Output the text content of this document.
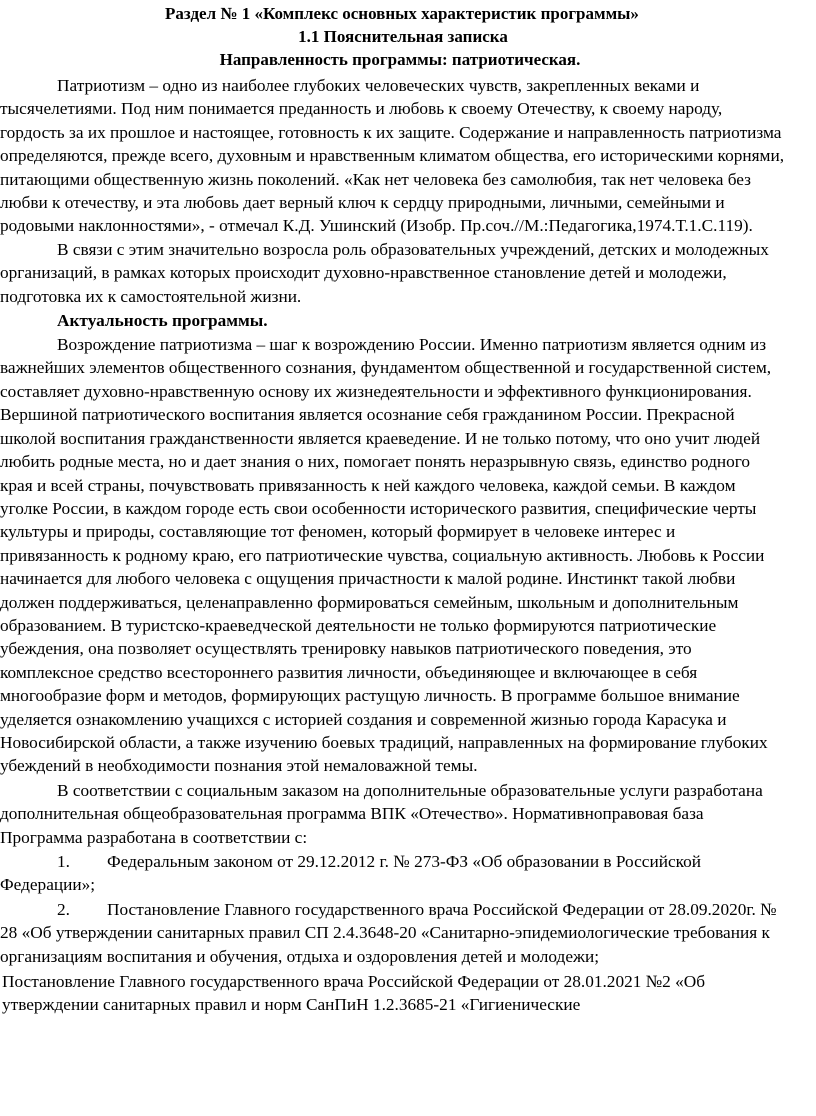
Раздел № 1 «Комплекс основных характеристик программы»

1.1 Пояснительная записка

Направленность программы: патриотическая.

Патриотизм – одно из наиболее глубоких человеческих чувств, закрепленных веками и тысячелетиями. Под ним понимается преданность и любовь к своему Отечеству, к своему народу, гордость за их прошлое и настоящее, готовность к их защите. Содержание и направленность патриотизма определяются, прежде всего, духовным и нравственным климатом общества, его историческими корнями, питающими общественную жизнь поколений. «Как нет человека без самолюбия, так нет человека без любви к отечеству, и эта любовь дает верный ключ к сердцу природными, личными, семейными и родовыми наклонностями», - отмечал К.Д. Ушинский (Изобр. Пр.соч.//М.:Педагогика,1974.Т.1.С.119).

В связи с этим значительно возросла роль образовательных учреждений, детских и молодежных организаций, в рамках которых происходит духовно-нравственное становление детей и молодежи, подготовка их к самостоятельной жизни.

Актуальность программы.

Возрождение патриотизма – шаг к возрождению России. Именно патриотизм является одним из важнейших элементов общественного сознания, фундаментом общественной и государственной систем, составляет духовно-нравственную основу их жизнедеятельности и эффективного функционирования. Вершиной патриотического воспитания является осознание себя гражданином России. Прекрасной школой воспитания гражданственности является краеведение. И не только потому, что оно учит людей любить родные места, но и дает знания о них, помогает понять неразрывную связь, единство родного края и всей страны, почувствовать привязанность к ней каждого человека, каждой семьи. В каждом уголке России, в каждом городе есть свои особенности исторического развития, специфические черты культуры и природы, составляющие тот феномен, который формирует в человеке интерес и привязанность к родному краю, его патриотические чувства, социальную активность. Любовь к России начинается для любого человека с ощущения причастности к малой родине. Инстинкт такой любви должен поддерживаться, целенаправленно формироваться семейным, школьным и дополнительным образованием. В туристско-краеведческой деятельности не только формируются патриотические убеждения, она позволяет осуществлять тренировку навыков патриотического поведения, это комплексное средство всестороннего развития личности, объединяющее и включающее в себя многообразие форм и методов, формирующих растущую личность. В программе большое внимание уделяется ознакомлению учащихся с историей создания и современной жизнью города Карасука и Новосибирской области, а также изучению боевых традиций, направленных на формирование глубоких убеждений в необходимости познания этой немаловажной темы.

В соответствии с социальным заказом на дополнительные образовательные услуги разработана дополнительная общеобразовательная программа ВПК «Отечество». Нормативноправовая база Программа разработана в соответствии с:

1. Федеральным законом от 29.12.2012 г. № 273-ФЗ «Об образовании в Российской Федерации»;

2. Постановление Главного государственного врача Российской Федерации от 28.09.2020г. № 28 «Об утверждении санитарных правил СП 2.4.3648-20 «Санитарно-эпидемиологические требования к организациям воспитания и обучения, отдыха и оздоровления детей и молодежи;

Постановление Главного государственного врача Российской Федерации от 28.01.2021 №2 «Об утверждении санитарных правил и норм СанПиН 1.2.3685-21 «Гигиенические
